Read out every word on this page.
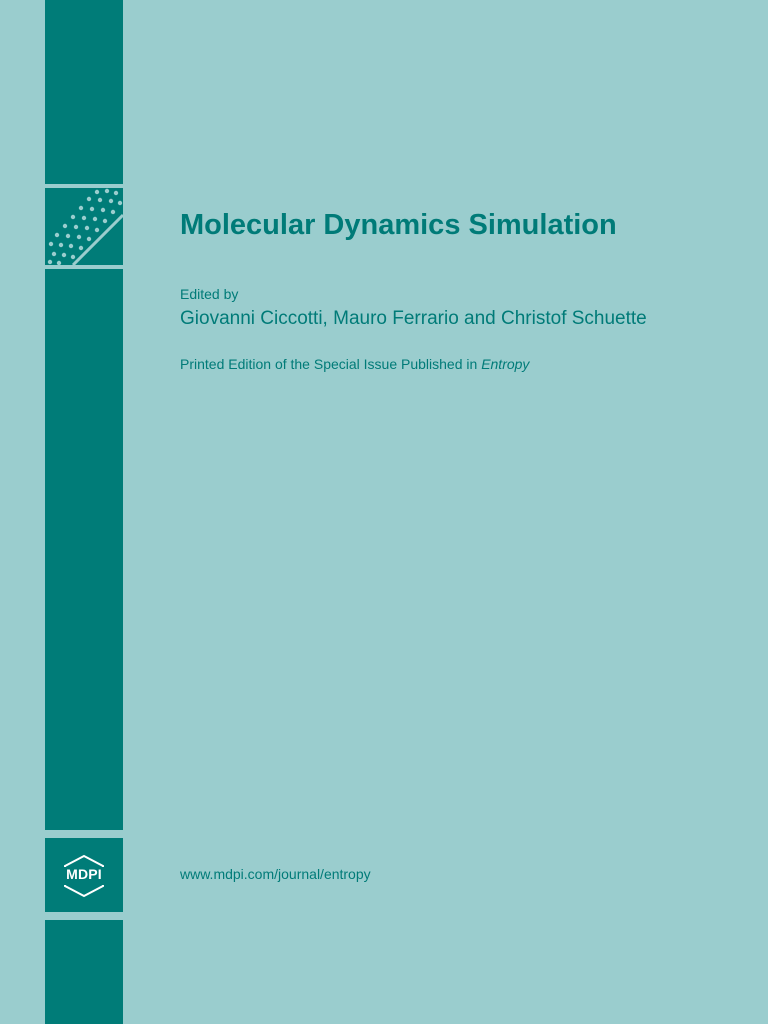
MDPI
Molecular Dynamics Simulation
Edited by
Giovanni Ciccotti, Mauro Ferrario and Christof Schuette
Printed Edition of the Special Issue Published in Entropy
www.mdpi.com/journal/entropy
